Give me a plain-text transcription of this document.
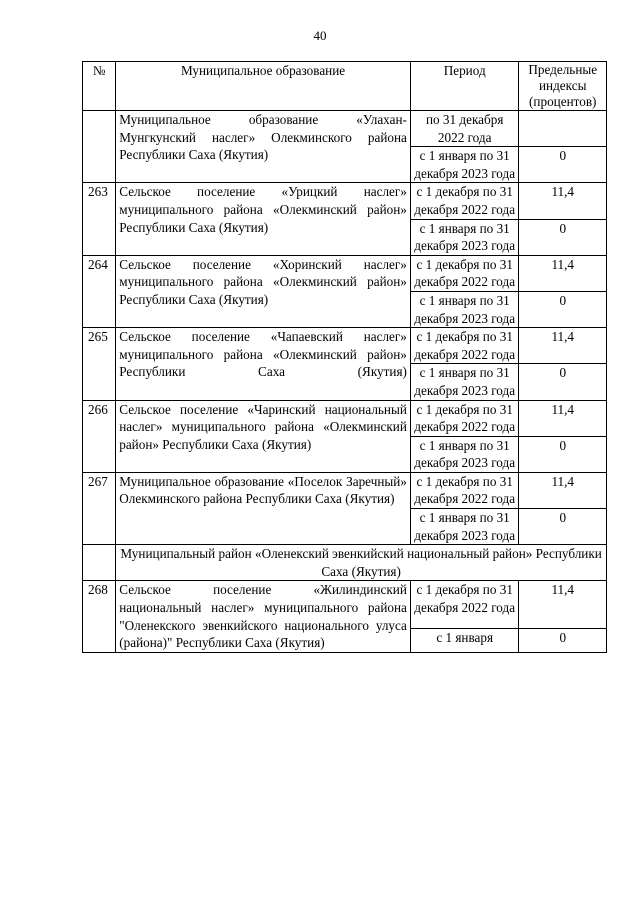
40
№	Муниципальное образование	Период	Предельные индексы (процентов)
	Муниципальное образование «Улахан-Мунгкунский наслег» Олекминского района Республики Саха (Якутия)	по 31 декабря 2022 года	
		с 1 января по 31 декабря 2023 года	0
263	Сельское поселение «Урицкий наслег» муниципального района «Олекминский район» Республики Саха (Якутия)	с 1 декабря по 31 декабря 2022 года	11,4
		с 1 января по 31 декабря 2023 года	0
264	Сельское поселение «Хоринский наслег» муниципального района «Олекминский район» Республики Саха (Якутия)	с 1 декабря по 31 декабря 2022 года	11,4
		с 1 января по 31 декабря 2023 года	0
265	Сельское поселение «Чапаевский наслег» муниципального района «Олекминский район» Республики Саха (Якутия)	с 1 декабря по 31 декабря 2022 года	11,4
		с 1 января по 31 декабря 2023 года	0
266	Сельское поселение «Чаринский национальный наслег» муниципального района «Олекминский район» Республики Саха (Якутия)	с 1 декабря по 31 декабря 2022 года	11,4
		с 1 января по 31 декабря 2023 года	0
267	Муниципальное образование «Поселок Заречный» Олекминского района Республики Саха (Якутия)	с 1 декабря по 31 декабря 2022 года	11,4
		с 1 января по 31 декабря 2023 года	0
	Муниципальный район «Оленекский эвенкийский национальный район» Республики Саха (Якутия)		
268	Сельское поселение «Жилиндинский национальный наслег» муниципального района "Оленекского эвенкийского национального улуса (района)" Республики Саха (Якутия)	с 1 декабря по 31 декабря 2022 года	11,4
		с 1 января	0
